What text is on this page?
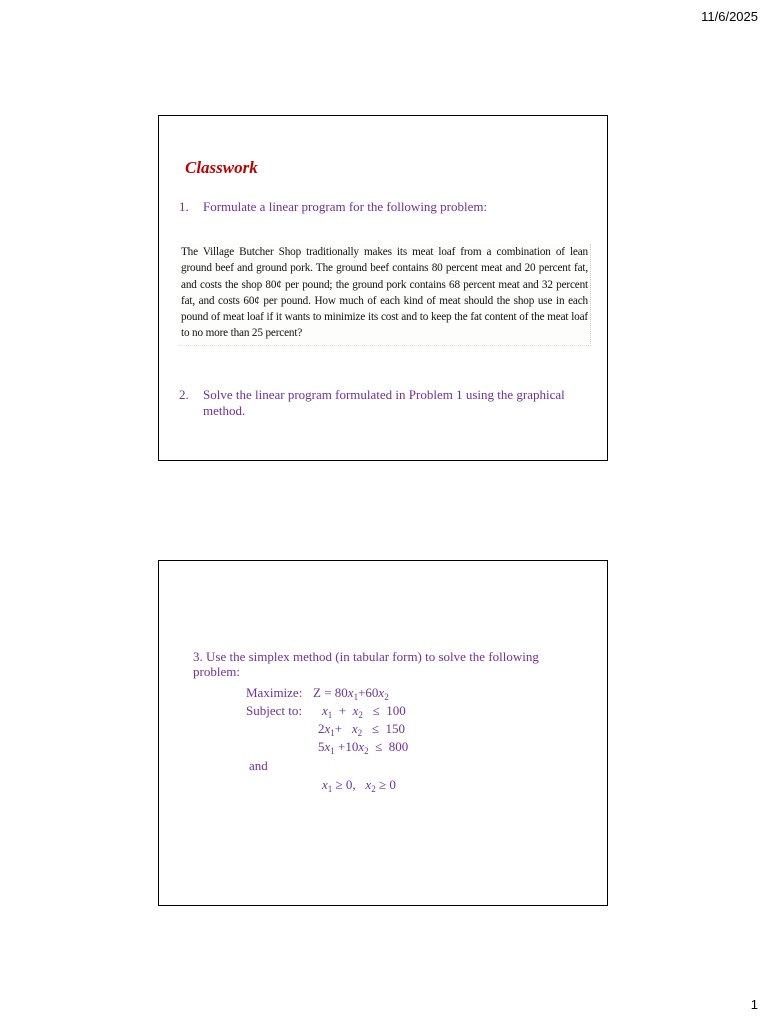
11/6/2025
Classwork
1. Formulate a linear program for the following problem:
The Village Butcher Shop traditionally makes its meat loaf from a combination of lean ground beef and ground pork. The ground beef contains 80 percent meat and 20 percent fat, and costs the shop 80¢ per pound; the ground pork contains 68 percent meat and 32 percent fat, and costs 60¢ per pound. How much of each kind of meat should the shop use in each pound of meat loaf if it wants to minimize its cost and to keep the fat content of the meat loaf to no more than 25 percent?
2. Solve the linear program formulated in Problem 1 using the graphical method.
3. Use the simplex method (in tabular form) to solve the following problem:
Maximize: $Z = 80x_1+60x_2$
Subject to: $x_1 + x_2 \le 100$
$2x_1+ x_2 \le 150$
$5x_1 +10x_2 \le 800$
and
$x_1 \ge 0$,   $x_2 \ge 0$
1
